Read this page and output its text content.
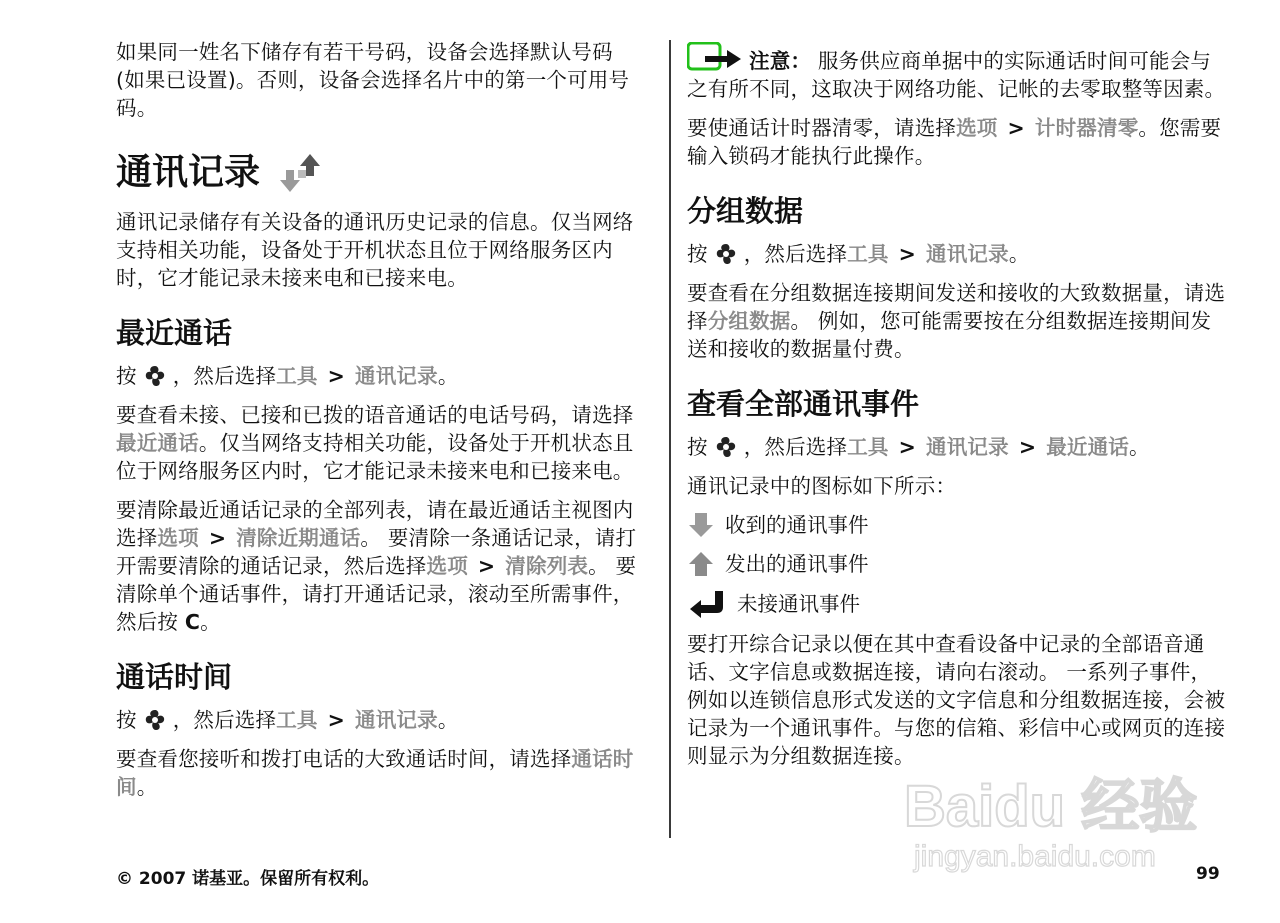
如果同一姓名下储存有若干号码，设备会选择默认号码 (如果已设置)。否则，设备会选择名片中的第一个可用号码。

通讯记录

通讯记录储存有关设备的通讯历史记录的信息。仅当网络支持相关功能，设备处于开机状态且位于网络服务区内时，它才能记录未接来电和已接来电。

最近通话

按 ，然后选择工具 > 通讯记录。

要查看未接、已接和已拨的语音通话的电话号码，请选择最近通话。仅当网络支持相关功能，设备处于开机状态且位于网络服务区内时，它才能记录未接来电和已接来电。

要清除最近通话记录的全部列表，请在最近通话主视图内选择选项 > 清除近期通话。 要清除一条通话记录，请打开需要清除的通话记录，然后选择选项 > 清除列表。 要清除单个通话事件，请打开通话记录，滚动至所需事件，然后按 C。

通话时间

按 ，然后选择工具 > 通讯记录。

要查看您接听和拨打电话的大致通话时间，请选择通话时间。

注意： 服务供应商单据中的实际通话时间可能会与之有所不同，这取决于网络功能、记帐的去零取整等因素。

要使通话计时器清零，请选择选项 > 计时器清零。您需要输入锁码才能执行此操作。

分组数据

按 ，然后选择工具 > 通讯记录。

要查看在分组数据连接期间发送和接收的大致数据量，请选择分组数据。 例如，您可能需要按在分组数据连接期间发送和接收的数据量付费。

查看全部通讯事件

按 ，然后选择工具 > 通讯记录 > 最近通话。

通讯记录中的图标如下所示：

收到的通讯事件
发出的通讯事件
未接通讯事件

要打开综合记录以便在其中查看设备中记录的全部语音通话、文字信息或数据连接，请向右滚动。 一系列子事件，例如以连锁信息形式发送的文字信息和分组数据连接，会被记录为一个通讯事件。与您的信箱、彩信中心或网页的连接则显示为分组数据连接。

Baidu 经验
jingyan.baidu.com
© 2007 诺基亚。保留所有权利。	99
